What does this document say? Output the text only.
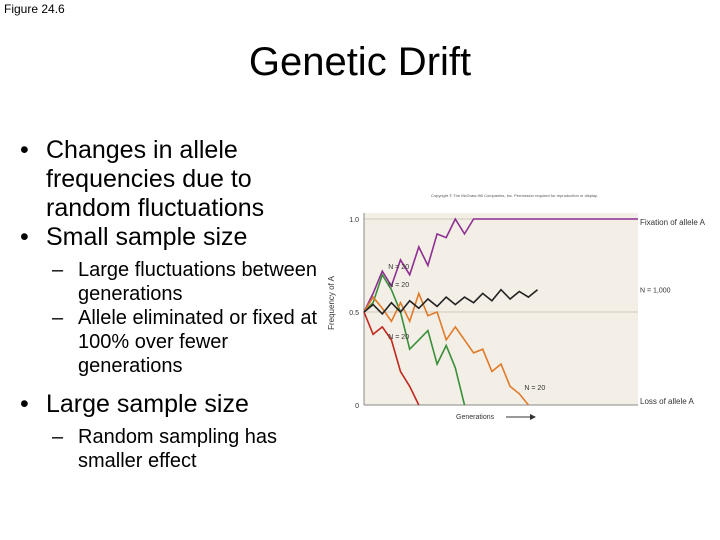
Figure 24.6
Genetic Drift
• Changes in allele frequencies due to random fluctuations
• Small sample size
– Large fluctuations between generations
– Allele eliminated or fixed at 100% over fewer generations
• Large sample size
– Random sampling has smaller effect
Copyright © The McGraw-Hill Companies, Inc. Permission required for reproduction or display.
0
0.5
1.0
Frequency of A
Generations
N = 20
N = 20
N = 20
N = 20
N = 1,000
Fixation of allele A
Loss of allele A
